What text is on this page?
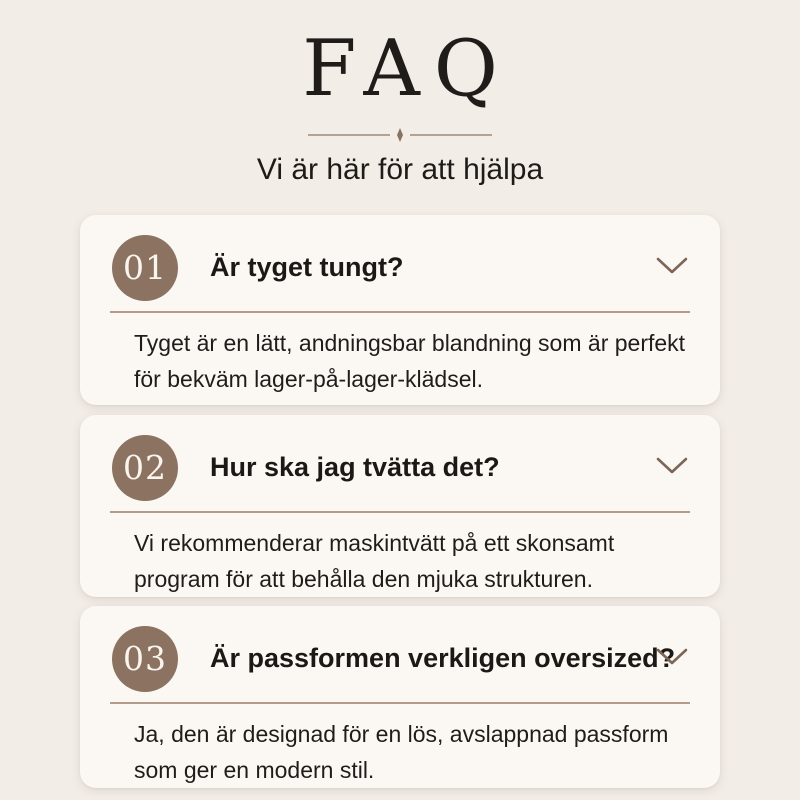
FAQ
Vi är här för att hjälpa
01	Är tyget tungt?
Tyget är en lätt, andningsbar blandning som är perfekt för bekväm lager-på-lager-klädsel.
02	Hur ska jag tvätta det?
Vi rekommenderar maskintvätt på ett skonsamt program för att behålla den mjuka strukturen.
03	Är passformen verkligen oversized?
Ja, den är designad för en lös, avslappnad passform som ger en modern stil.
